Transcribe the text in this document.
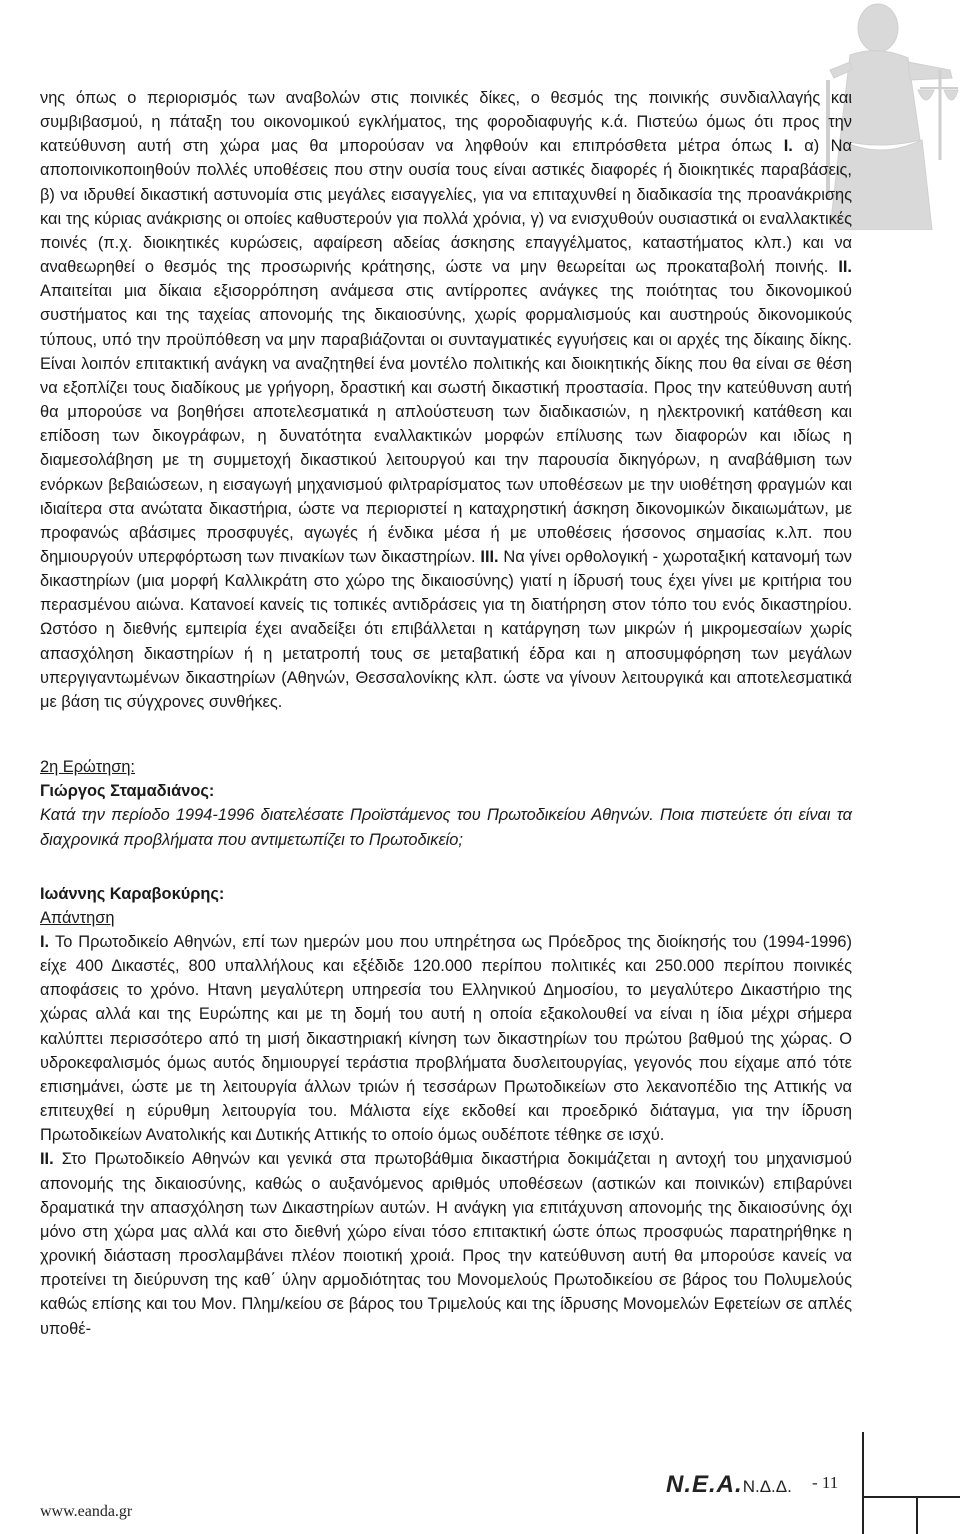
νης όπως ο περιορισμός των αναβολών στις ποινικές δίκες, ο θεσμός της ποινικής συνδιαλλαγής και συμβιβασμού, η πάταξη του οικονομικού εγκλήματος, της φοροδιαφυγής κ.ά. Πιστεύω όμως ότι προς την κατεύθυνση αυτή στη χώρα μας θα μπορούσαν να ληφθούν και επιπρόσθετα μέτρα όπως I. α) Να αποποινικοποιηθούν πολλές υποθέσεις που στην ουσία τους είναι αστικές διαφορές ή διοικητικές παραβάσεις, β) να ιδρυθεί δικαστική αστυνομία στις μεγάλες εισαγγελίες, για να επιταχυνθεί η διαδικασία της προανάκρισης και της κύριας ανάκρισης οι οποίες καθυστερούν για πολλά χρόνια, γ) να ενισχυθούν ουσιαστικά οι εναλλακτικές ποινές (π.χ. διοικητικές κυρώσεις, αφαίρεση αδείας άσκησης επαγγέλματος, καταστήματος κλπ.) και να αναθεωρηθεί ο θεσμός της προσωρινής κράτησης, ώστε να μην θεωρείται ως προκαταβολή ποινής. II. Απαιτείται μια δίκαια εξισορρόπηση ανάμεσα στις αντίρροπες ανάγκες της ποιότητας του δικονομικού συστήματος και της ταχείας απονομής της δικαιοσύνης, χωρίς φορμαλισμούς και αυστηρούς δικονομικούς τύπους, υπό την προϋπόθεση να μην παραβιάζονται οι συνταγματικές εγγυήσεις και οι αρχές της δίκαιης δίκης. Είναι λοιπόν επιτακτική ανάγκη να αναζητηθεί ένα μοντέλο πολιτικής και διοικητικής δίκης που θα είναι σε θέση να εξοπλίζει τους διαδίκους με γρήγορη, δραστική και σωστή δικαστική προστασία. Προς την κατεύθυνση αυτή θα μπορούσε να βοηθήσει αποτελεσματικά η απλούστευση των διαδικασιών, η ηλεκτρονική κατάθεση και επίδοση των δικογράφων, η δυνατότητα εναλλακτικών μορφών επίλυσης των διαφορών και ιδίως η διαμεσολάβηση με τη συμμετοχή δικαστικού λειτουργού και την παρουσία δικηγόρων, η αναβάθμιση των ενόρκων βεβαιώσεων, η εισαγωγή μηχανισμού φιλτραρίσματος των υποθέσεων με την υιοθέτηση φραγμών και ιδιαίτερα στα ανώτατα δικαστήρια, ώστε να περιοριστεί η καταχρηστική άσκηση δικονομικών δικαιωμάτων, με προφανώς αβάσιμες προσφυγές, αγωγές ή ένδικα μέσα ή με υποθέσεις ήσσονος σημασίας κ.λπ. που δημιουργούν υπερφόρτωση των πινακίων των δικαστηρίων. III. Να γίνει ορθολογική - χωροταξική κατανομή των δικαστηρίων (μια μορφή Καλλικράτη στο χώρο της δικαιοσύνης) γιατί η ίδρυσή τους έχει γίνει με κριτήρια του περασμένου αιώνα. Κατανοεί κανείς τις τοπικές αντιδράσεις για τη διατήρηση στον τόπο του ενός δικαστηρίου. Ωστόσο η διεθνής εμπειρία έχει αναδείξει ότι επιβάλλεται η κατάργηση των μικρών ή μικρομεσαίων χωρίς απασχόληση δικαστηρίων ή η μετατροπή τους σε μεταβατική έδρα και η αποσυμφόρηση των μεγάλων υπεργιγαντωμένων δικαστηρίων (Αθηνών, Θεσσαλονίκης κλπ. ώστε να γίνουν λειτουργικά και αποτελεσματικά με βάση τις σύγχρονες συνθήκες.

2η Ερώτηση:

Γιώργος Σταμαδιάνος:

Κατά την περίοδο 1994-1996 διατελέσατε Προϊστάμενος του Πρωτοδικείου Αθηνών. Ποια πιστεύετε ότι είναι τα διαχρονικά προβλήματα που αντιμετωπίζει το Πρωτοδικείο;

Ιωάννης Καραβοκύρης:

Απάντηση

I. Το Πρωτοδικείο Αθηνών, επί των ημερών μου που υπηρέτησα ως Πρόεδρος της διοίκησής του (1994-1996) είχε 400 Δικαστές, 800 υπαλλήλους και εξέδιδε 120.000 περίπου πολιτικές και 250.000 περίπου ποινικές αποφάσεις το χρόνο. Ητανη μεγαλύτερη υπηρεσία του Ελληνικού Δημοσίου, το μεγαλύτερο Δικαστήριο της χώρας αλλά και της Ευρώπης και με τη δομή του αυτή η οποία εξακολουθεί να είναι η ίδια μέχρι σήμερα καλύπτει περισσότερο από τη μισή δικαστηριακή κίνηση των δικαστηρίων του πρώτου βαθμού της χώρας. Ο υδροκεφαλισμός όμως αυτός δημιουργεί τεράστια προβλήματα δυσλειτουργίας, γεγονός που είχαμε από τότε επισημάνει, ώστε με τη λειτουργία άλλων τριών ή τεσσάρων Πρωτοδικείων στο λεκανοπέδιο της Αττικής να επιτευχθεί η εύρυθμη λειτουργία του. Μάλιστα είχε εκδοθεί και προεδρικό διάταγμα, για την ίδρυση Πρωτοδικείων Ανατολικής και Δυτικής Αττικής το οποίο όμως ουδέποτε τέθηκε σε ισχύ.

II. Στο Πρωτοδικείο Αθηνών και γενικά στα πρωτοβάθμια δικαστήρια δοκιμάζεται η αντοχή του μηχανισμού απονομής της δικαιοσύνης, καθώς ο αυξανόμενος αριθμός υποθέσεων (αστικών και ποινικών) επιβαρύνει δραματικά την απασχόληση των Δικαστηρίων αυτών. Η ανάγκη για επιτάχυνση απονομής της δικαιοσύνης όχι μόνο στη χώρα μας αλλά και στο διεθνή χώρο είναι τόσο επιτακτική ώστε όπως προσφυώς παρατηρήθηκε η χρονική διάσταση προσλαμβάνει πλέον ποιοτική χροιά. Προς την κατεύθυνση αυτή θα μπορούσε κανείς να προτείνει τη διεύρυνση της καθ΄ ύλην αρμοδιότητας του Μονομελούς Πρωτοδικείου σε βάρος του Πολυμελούς καθώς επίσης και του Μον. Πλημ/κείου σε βάρος του Τριμελούς και της ίδρυσης Μονομελών Εφετείων σε απλές υποθέ-

www.eanda.gr
Ν.Ε.Α.Ν.Δ.Δ. - 11
